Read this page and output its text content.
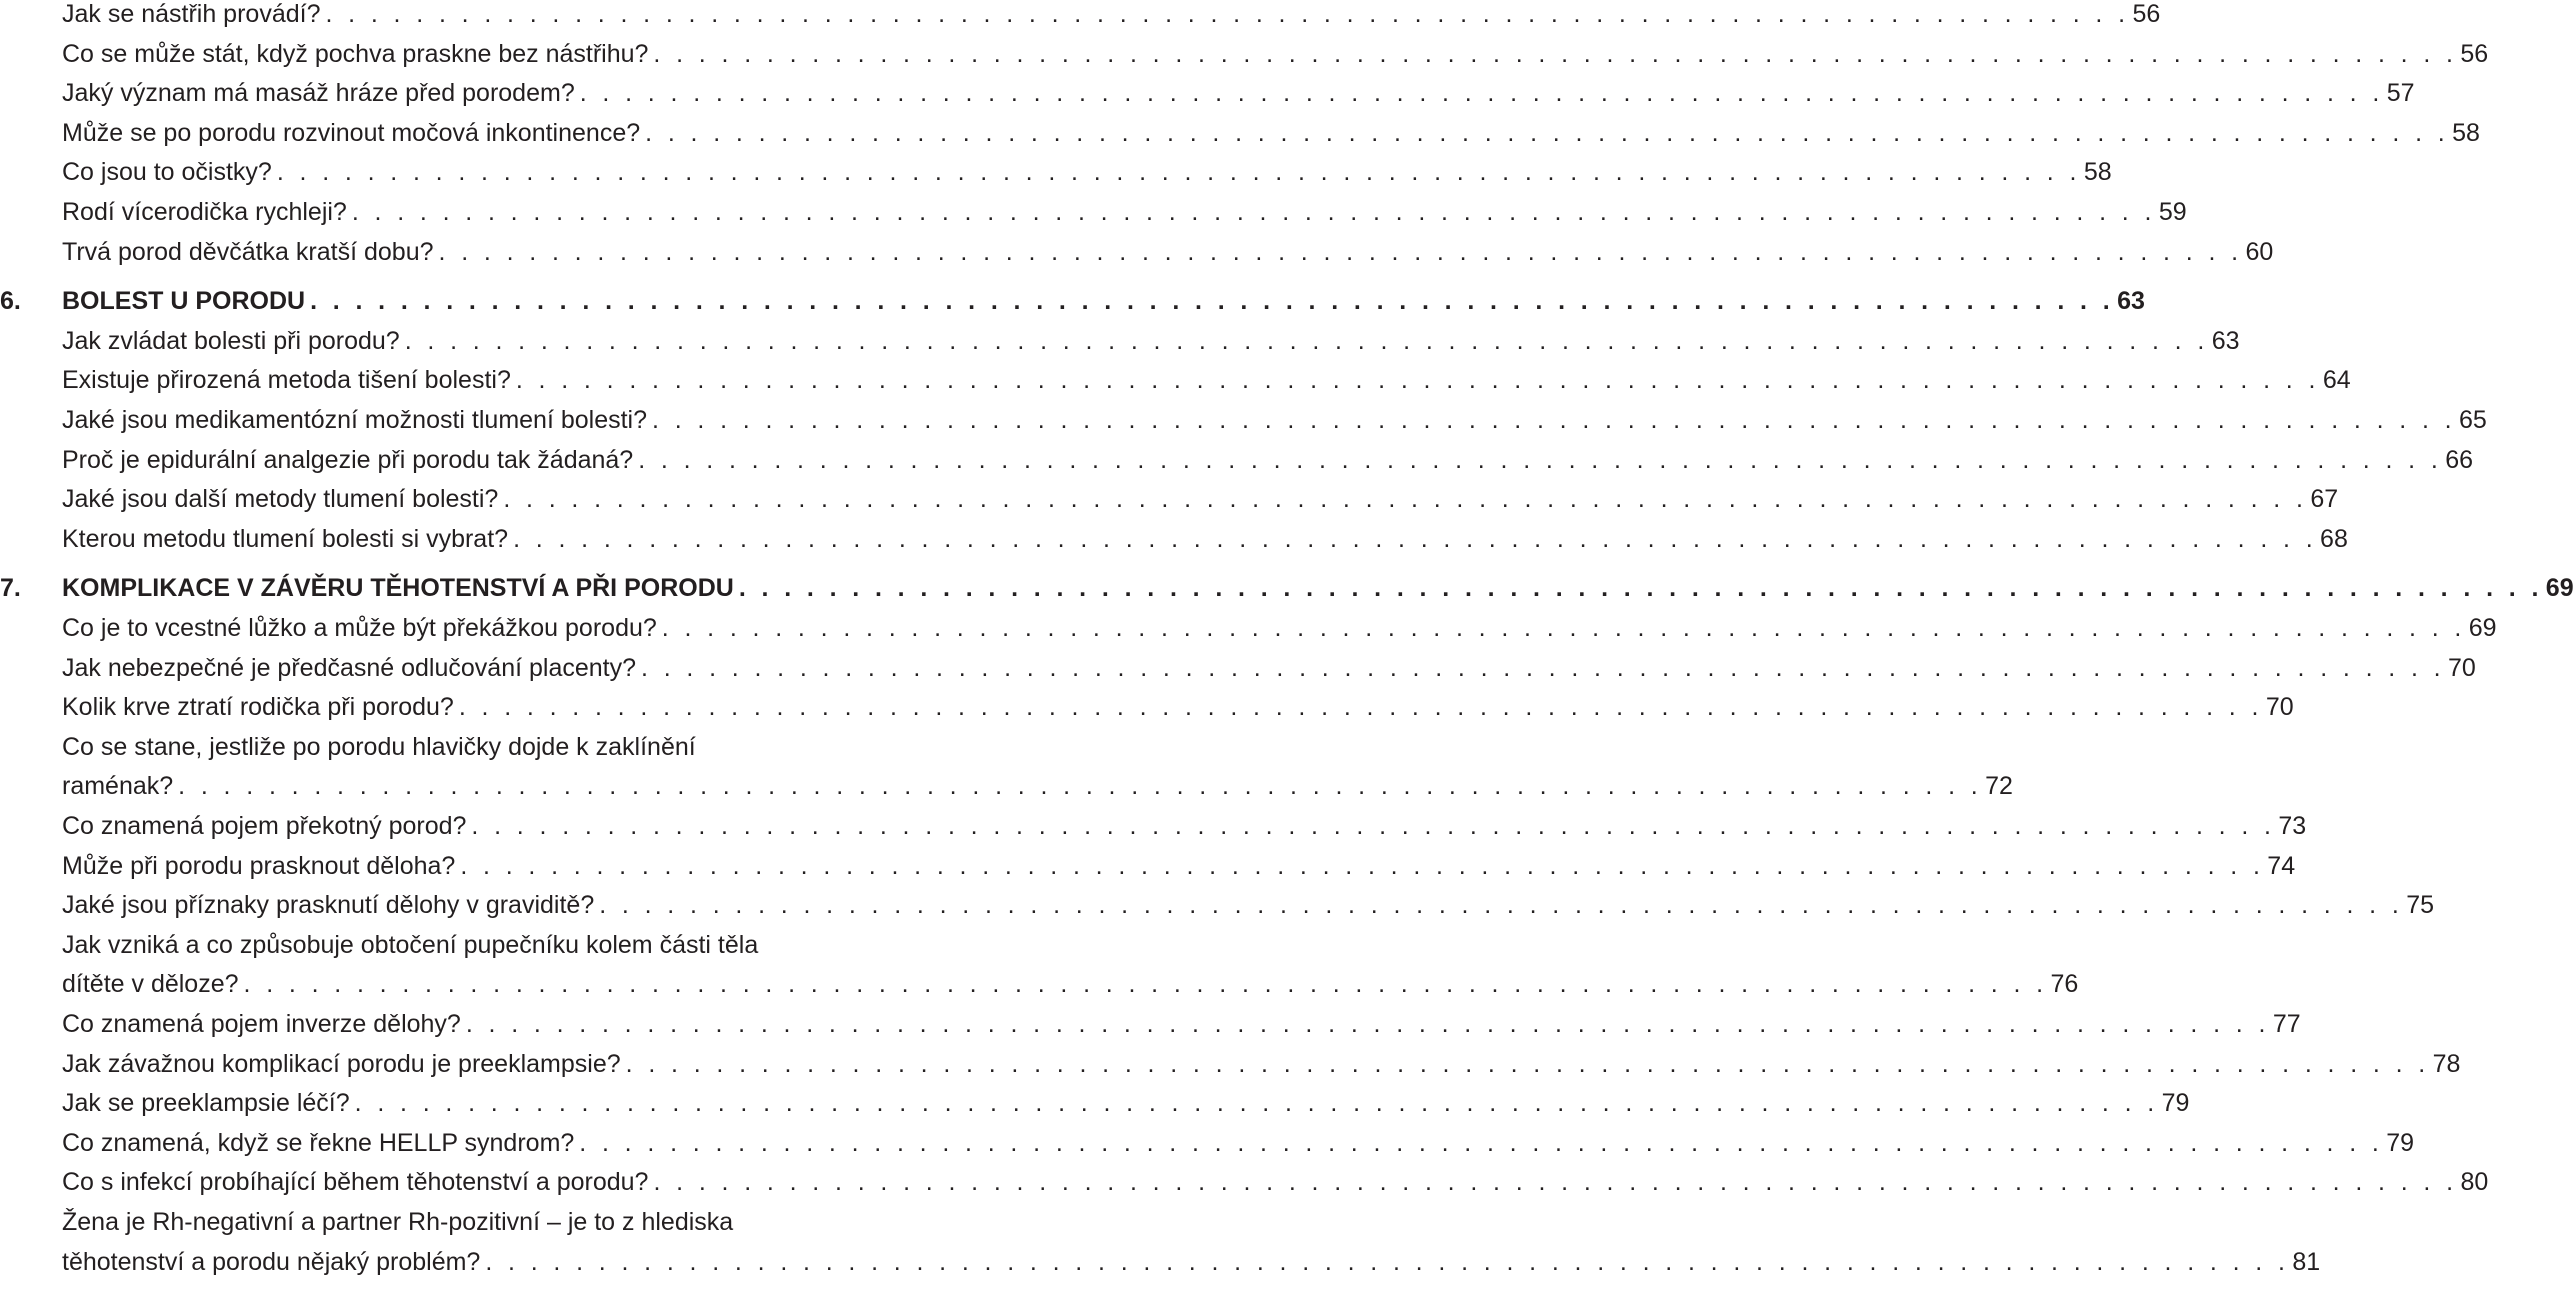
Jak se nástřih provádí? . . . . . . . . . . . . . . . . . . . . . . . . . . . . . . . . . . . . . . . . . . . . . . . . . . . . . . . . . . . . . . . . . . . . . . . . . . . . . . . . 56
Co se může stát, když pochva praskne bez nástřihu? . . . . . . . . . . . . . . . . . . . . . . . . . . . . . . . . . . . . . . . . . . . . . . . . . . . . . . . . . . . . . . . . . . . . . . . . . . . . . . . . 56
Jaký význam má masáž hráze před porodem? . . . . . . . . . . . . . . . . . . . . . . . . . . . . . . . . . . . . . . . . . . . . . . . . . . . . . . . . . . . . . . . . . . . . . . . . . . . . . . . . 57
Může se po porodu rozvinout močová inkontinence? . . . . . . . . . . . . . . . . . . . . . . . . . . . . . . . . . . . . . . . . . . . . . . . . . . . . . . . . . . . . . . . . . . . . . . . . . . . . . . . . 58
Co jsou to očistky? . . . . . . . . . . . . . . . . . . . . . . . . . . . . . . . . . . . . . . . . . . . . . . . . . . . . . . . . . . . . . . . . . . . . . . . . . . . . . . . . 58
Rodí vícerodička rychleji? . . . . . . . . . . . . . . . . . . . . . . . . . . . . . . . . . . . . . . . . . . . . . . . . . . . . . . . . . . . . . . . . . . . . . . . . . . . . . . . . 59
Trvá porod děvčátka kratší dobu? . . . . . . . . . . . . . . . . . . . . . . . . . . . . . . . . . . . . . . . . . . . . . . . . . . . . . . . . . . . . . . . . . . . . . . . . . . . . . . . . 60
6. BOLEST U PORODU . . . . . . . . . . . . . . . . . . . . . . . . . . . . . . . . . . . . . . . . . . . . . . . . . . . . . . . . . . . . . . . . . . . . . . . . . . . . . . . . 63
Jak zvládat bolesti při porodu? . . . . . . . . . . . . . . . . . . . . . . . . . . . . . . . . . . . . . . . . . . . . . . . . . . . . . . . . . . . . . . . . . . . . . . . . . . . . . . . . 63
Existuje přirozená metoda tišení bolesti? . . . . . . . . . . . . . . . . . . . . . . . . . . . . . . . . . . . . . . . . . . . . . . . . . . . . . . . . . . . . . . . . . . . . . . . . . . . . . . . . 64
Jaké jsou medikamentózní možnosti tlumení bolesti? . . . . . . . . . . . . . . . . . . . . . . . . . . . . . . . . . . . . . . . . . . . . . . . . . . . . . . . . . . . . . . . . . . . . . . . . . . . . . . . . 65
Proč je epidurální analgezie při porodu tak žádaná? . . . . . . . . . . . . . . . . . . . . . . . . . . . . . . . . . . . . . . . . . . . . . . . . . . . . . . . . . . . . . . . . . . . . . . . . . . . . . . . . 66
Jaké jsou další metody tlumení bolesti? . . . . . . . . . . . . . . . . . . . . . . . . . . . . . . . . . . . . . . . . . . . . . . . . . . . . . . . . . . . . . . . . . . . . . . . . . . . . . . . . 67
Kterou metodu tlumení bolesti si vybrat? . . . . . . . . . . . . . . . . . . . . . . . . . . . . . . . . . . . . . . . . . . . . . . . . . . . . . . . . . . . . . . . . . . . . . . . . . . . . . . . . 68
7. KOMPLIKACE V ZÁVĚRU TĚHOTENSTVÍ A PŘI PORODU . . . . . . . . . . . . . . . . . . . . . . . . . . . . . . . . . . . . . . . . . . . . . . . . . . . . . . . . . . . . . . . . . . . . . . . . . . . . . . . . 69
Co je to vcestné lůžko a může být překážkou porodu? . . . . . . . . . . . . . . . . . . . . . . . . . . . . . . . . . . . . . . . . . . . . . . . . . . . . . . . . . . . . . . . . . . . . . . . . . . . . . . . . 69
Jak nebezpečné je předčasné odlučování placenty? . . . . . . . . . . . . . . . . . . . . . . . . . . . . . . . . . . . . . . . . . . . . . . . . . . . . . . . . . . . . . . . . . . . . . . . . . . . . . . . . 70
Kolik krve ztratí rodička při porodu? . . . . . . . . . . . . . . . . . . . . . . . . . . . . . . . . . . . . . . . . . . . . . . . . . . . . . . . . . . . . . . . . . . . . . . . . . . . . . . . . 70
Co se stane, jestliže po porodu hlavičky dojde k zaklínění
raménak? . . . . . . . . . . . . . . . . . . . . . . . . . . . . . . . . . . . . . . . . . . . . . . . . . . . . . . . . . . . . . . . . . . . . . . . . . . . . . . . . 72
Co znamená pojem překotný porod? . . . . . . . . . . . . . . . . . . . . . . . . . . . . . . . . . . . . . . . . . . . . . . . . . . . . . . . . . . . . . . . . . . . . . . . . . . . . . . . . 73
Může při porodu prasknout děloha? . . . . . . . . . . . . . . . . . . . . . . . . . . . . . . . . . . . . . . . . . . . . . . . . . . . . . . . . . . . . . . . . . . . . . . . . . . . . . . . . 74
Jaké jsou příznaky prasknutí dělohy v graviditě? . . . . . . . . . . . . . . . . . . . . . . . . . . . . . . . . . . . . . . . . . . . . . . . . . . . . . . . . . . . . . . . . . . . . . . . . . . . . . . . . 75
Jak vzniká a co způsobuje obtočení pupečníku kolem části těla
dítěte v děloze? . . . . . . . . . . . . . . . . . . . . . . . . . . . . . . . . . . . . . . . . . . . . . . . . . . . . . . . . . . . . . . . . . . . . . . . . . . . . . . . . 76
Co znamená pojem inverze dělohy? . . . . . . . . . . . . . . . . . . . . . . . . . . . . . . . . . . . . . . . . . . . . . . . . . . . . . . . . . . . . . . . . . . . . . . . . . . . . . . . . 77
Jak závažnou komplikací porodu je preeklampsie? . . . . . . . . . . . . . . . . . . . . . . . . . . . . . . . . . . . . . . . . . . . . . . . . . . . . . . . . . . . . . . . . . . . . . . . . . . . . . . . . 78
Jak se preeklampsie léčí? . . . . . . . . . . . . . . . . . . . . . . . . . . . . . . . . . . . . . . . . . . . . . . . . . . . . . . . . . . . . . . . . . . . . . . . . . . . . . . . . 79
Co znamená, když se řekne HELLP syndrom? . . . . . . . . . . . . . . . . . . . . . . . . . . . . . . . . . . . . . . . . . . . . . . . . . . . . . . . . . . . . . . . . . . . . . . . . . . . . . . . . 79
Co s infekcí probíhající během těhotenství a porodu? . . . . . . . . . . . . . . . . . . . . . . . . . . . . . . . . . . . . . . . . . . . . . . . . . . . . . . . . . . . . . . . . . . . . . . . . . . . . . . . . 80
Žena je Rh-negativní a partner Rh-pozitivní – je to z hlediska
těhotenství a porodu nějaký problém? . . . . . . . . . . . . . . . . . . . . . . . . . . . . . . . . . . . . . . . . . . . . . . . . . . . . . . . . . . . . . . . . . . . . . . . . . . . . . . . . 81
